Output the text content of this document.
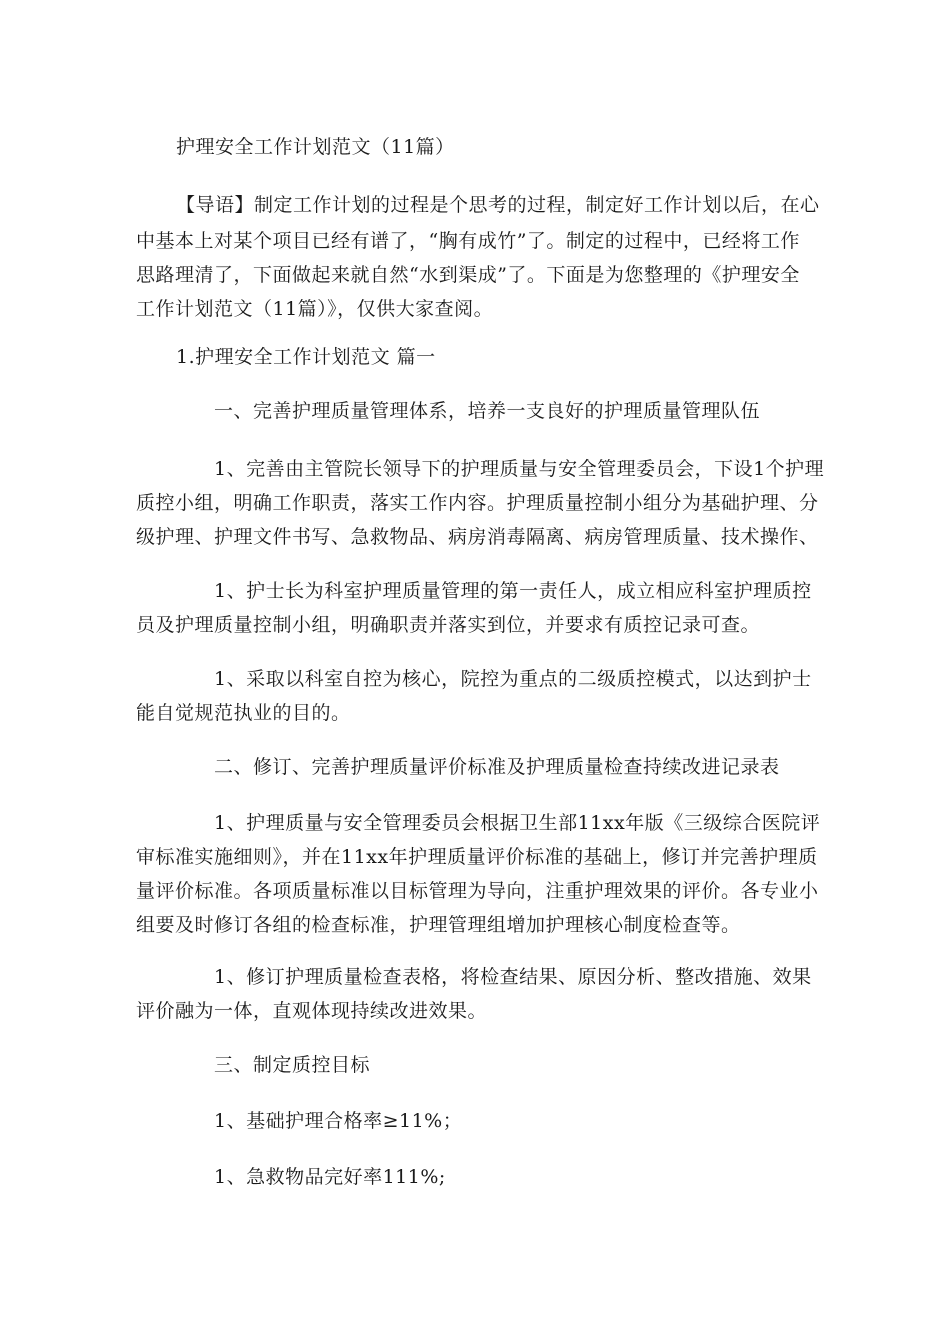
护理安全工作计划范文（11篇）
【导语】制定工作计划的过程是个思考的过程，制定好工作计划以后，在心
中基本上对某个项目已经有谱了，“胸有成竹”了。制定的过程中，已经将工作
思路理清了，下面做起来就自然“水到渠成”了。下面是为您整理的《护理安全
工作计划范文（11篇）》，仅供大家查阅。
1.护理安全工作计划范文 篇一
一、完善护理质量管理体系，培养一支良好的护理质量管理队伍
1、完善由主管院长领导下的护理质量与安全管理委员会，下设1个护理
质控小组，明确工作职责，落实工作内容。护理质量控制小组分为基础护理、分
级护理、护理文件书写、急救物品、病房消毒隔离、病房管理质量、技术操作、
1、护士长为科室护理质量管理的第一责任人，成立相应科室护理质控
员及护理质量控制小组，明确职责并落实到位，并要求有质控记录可查。
1、采取以科室自控为核心，院控为重点的二级质控模式，以达到护士
能自觉规范执业的目的。
二、修订、完善护理质量评价标准及护理质量检查持续改进记录表
1、护理质量与安全管理委员会根据卫生部11xx年版《三级综合医院评
审标准实施细则》，并在11xx年护理质量评价标准的基础上，修订并完善护理质
量评价标准。各项质量标准以目标管理为导向，注重护理效果的评价。各专业小
组要及时修订各组的检查标准，护理管理组增加护理核心制度检查等。
1、修订护理质量检查表格，将检查结果、原因分析、整改措施、效果
评价融为一体，直观体现持续改进效果。
三、制定质控目标
1、基础护理合格率≥11%；
1、急救物品完好率111%;
